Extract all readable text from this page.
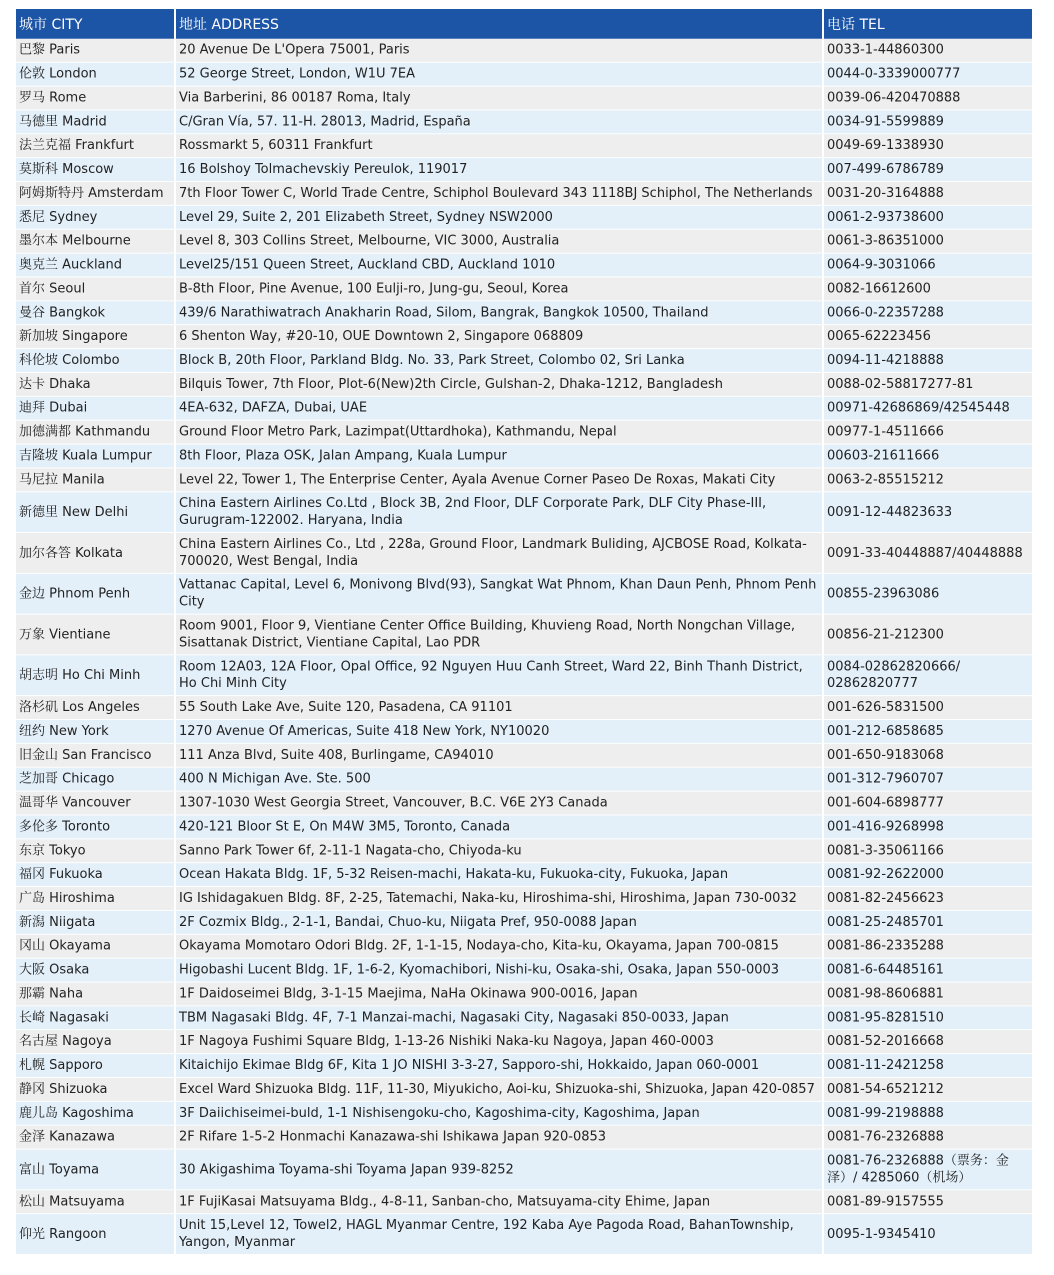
城市 CITY	地址 ADDRESS	电话 TEL
巴黎 Paris	20 Avenue De L'Opera 75001, Paris	0033-1-44860300
伦敦 London	52 George Street, London, W1U 7EA	0044-0-3339000777
罗马 Rome	Via Barberini, 86 00187 Roma, Italy	0039-06-420470888
马德里 Madrid	C/Gran Vía, 57. 11-H. 28013, Madrid, España	0034-91-5599889
法兰克福 Frankfurt	Rossmarkt 5, 60311 Frankfurt	0049-69-1338930
莫斯科 Moscow	16 Bolshoy Tolmachevskiy Pereulok, 119017	007-499-6786789
阿姆斯特丹 Amsterdam	7th Floor Tower C, World Trade Centre, Schiphol Boulevard 343 1118BJ Schiphol, The Netherlands	0031-20-3164888
悉尼 Sydney	Level 29, Suite 2, 201 Elizabeth Street, Sydney NSW2000	0061-2-93738600
墨尔本 Melbourne	Level 8, 303 Collins Street, Melbourne, VIC 3000, Australia	0061-3-86351000
奥克兰 Auckland	Level25/151 Queen Street, Auckland CBD, Auckland 1010	0064-9-3031066
首尔 Seoul	B-8th Floor, Pine Avenue, 100 Eulji-ro, Jung-gu, Seoul, Korea	0082-16612600
曼谷 Bangkok	439/6 Narathiwatrach Anakharin Road, Silom, Bangrak, Bangkok 10500, Thailand	0066-0-22357288
新加坡 Singapore	6 Shenton Way, #20-10, OUE Downtown 2, Singapore 068809	0065-62223456
科伦坡 Colombo	Block B, 20th Floor, Parkland Bldg. No. 33, Park Street, Colombo 02, Sri Lanka	0094-11-4218888
达卡 Dhaka	Bilquis Tower, 7th Floor, Plot-6(New)2th Circle, Gulshan-2, Dhaka-1212, Bangladesh	0088-02-58817277-81
迪拜 Dubai	4EA-632, DAFZA, Dubai, UAE	00971-42686869/42545448
加德满都 Kathmandu	Ground Floor Metro Park, Lazimpat(Uttardhoka), Kathmandu, Nepal	00977-1-4511666
吉隆坡 Kuala Lumpur	8th Floor, Plaza OSK, Jalan Ampang, Kuala Lumpur	00603-21611666
马尼拉 Manila	Level 22, Tower 1, The Enterprise Center, Ayala Avenue Corner Paseo De Roxas, Makati City	0063-2-85515212
新德里 New Delhi	China Eastern Airlines Co.Ltd , Block 3B, 2nd Floor, DLF Corporate Park, DLF City Phase-III, Gurugram-122002. Haryana, India	0091-12-44823633
加尔各答 Kolkata	China Eastern Airlines Co., Ltd , 228a, Ground Floor, Landmark Buliding, AJCBOSE Road, Kolkata-700020, West Bengal, India	0091-33-40448887/40448888
金边 Phnom Penh	Vattanac Capital, Level 6, Monivong Blvd(93), Sangkat Wat Phnom, Khan Daun Penh, Phnom Penh City	00855-23963086
万象 Vientiane	Room 9001, Floor 9, Vientiane Center Office Building, Khuvieng Road, North Nongchan Village, Sisattanak District, Vientiane Capital, Lao PDR	00856-21-212300
胡志明 Ho Chi Minh	Room 12A03, 12A Floor, Opal Office, 92 Nguyen Huu Canh Street, Ward 22, Binh Thanh District, Ho Chi Minh City	0084-02862820666/ 02862820777
洛杉矶 Los Angeles	55 South Lake Ave, Suite 120, Pasadena, CA 91101	001-626-5831500
纽约 New York	1270 Avenue Of Americas, Suite 418 New York, NY10020	001-212-6858685
旧金山 San Francisco	111 Anza Blvd, Suite 408, Burlingame, CA94010	001-650-9183068
芝加哥 Chicago	400 N Michigan Ave. Ste. 500	001-312-7960707
温哥华 Vancouver	1307-1030 West Georgia Street, Vancouver, B.C. V6E 2Y3 Canada	001-604-6898777
多伦多 Toronto	420-121 Bloor St E, On M4W 3M5, Toronto, Canada	001-416-9268998
东京 Tokyo	Sanno Park Tower 6f, 2-11-1 Nagata-cho, Chiyoda-ku	0081-3-35061166
福冈 Fukuoka	Ocean Hakata Bldg. 1F, 5-32 Reisen-machi, Hakata-ku, Fukuoka-city, Fukuoka, Japan	0081-92-2622000
广岛 Hiroshima	IG Ishidagakuen Bldg. 8F, 2-25, Tatemachi, Naka-ku, Hiroshima-shi, Hiroshima, Japan 730-0032	0081-82-2456623
新潟 Niigata	2F Cozmix Bldg., 2-1-1, Bandai, Chuo-ku, Niigata Pref, 950-0088 Japan	0081-25-2485701
冈山 Okayama	Okayama Momotaro Odori Bldg. 2F, 1-1-15, Nodaya-cho, Kita-ku, Okayama, Japan 700-0815	0081-86-2335288
大阪 Osaka	Higobashi Lucent Bldg. 1F, 1-6-2, Kyomachibori, Nishi-ku, Osaka-shi, Osaka, Japan 550-0003	0081-6-64485161
那霸 Naha	1F Daidoseimei Bldg, 3-1-15 Maejima, NaHa Okinawa 900-0016, Japan	0081-98-8606881
长崎 Nagasaki	TBM Nagasaki Bldg. 4F, 7-1 Manzai-machi, Nagasaki City, Nagasaki 850-0033, Japan	0081-95-8281510
名古屋 Nagoya	1F Nagoya Fushimi Square Bldg, 1-13-26 Nishiki Naka-ku Nagoya, Japan 460-0003	0081-52-2016668
札幌 Sapporo	Kitaichijo Ekimae Bldg 6F, Kita 1 JO NISHI 3-3-27, Sapporo-shi, Hokkaido, Japan 060-0001	0081-11-2421258
静冈 Shizuoka	Excel Ward Shizuoka Bldg. 11F, 11-30, Miyukicho, Aoi-ku, Shizuoka-shi, Shizuoka, Japan 420-0857	0081-54-6521212
鹿儿岛 Kagoshima	3F Daiichiseimei-buld, 1-1 Nishisengoku-cho, Kagoshima-city, Kagoshima, Japan	0081-99-2198888
金泽 Kanazawa	2F Rifare 1-5-2 Honmachi Kanazawa-shi Ishikawa Japan 920-0853	0081-76-2326888
富山 Toyama	30 Akigashima Toyama-shi Toyama Japan 939-8252	0081-76-2326888（票务：金泽）/ 4285060（机场）
松山 Matsuyama	1F FujiKasai Matsuyama Bldg., 4-8-11, Sanban-cho, Matsuyama-city Ehime, Japan	0081-89-9157555
仰光 Rangoon	Unit 15,Level 12, Towel2, HAGL Myanmar Centre, 192 Kaba Aye Pagoda Road, BahanTownship, Yangon, Myanmar	0095-1-9345410
